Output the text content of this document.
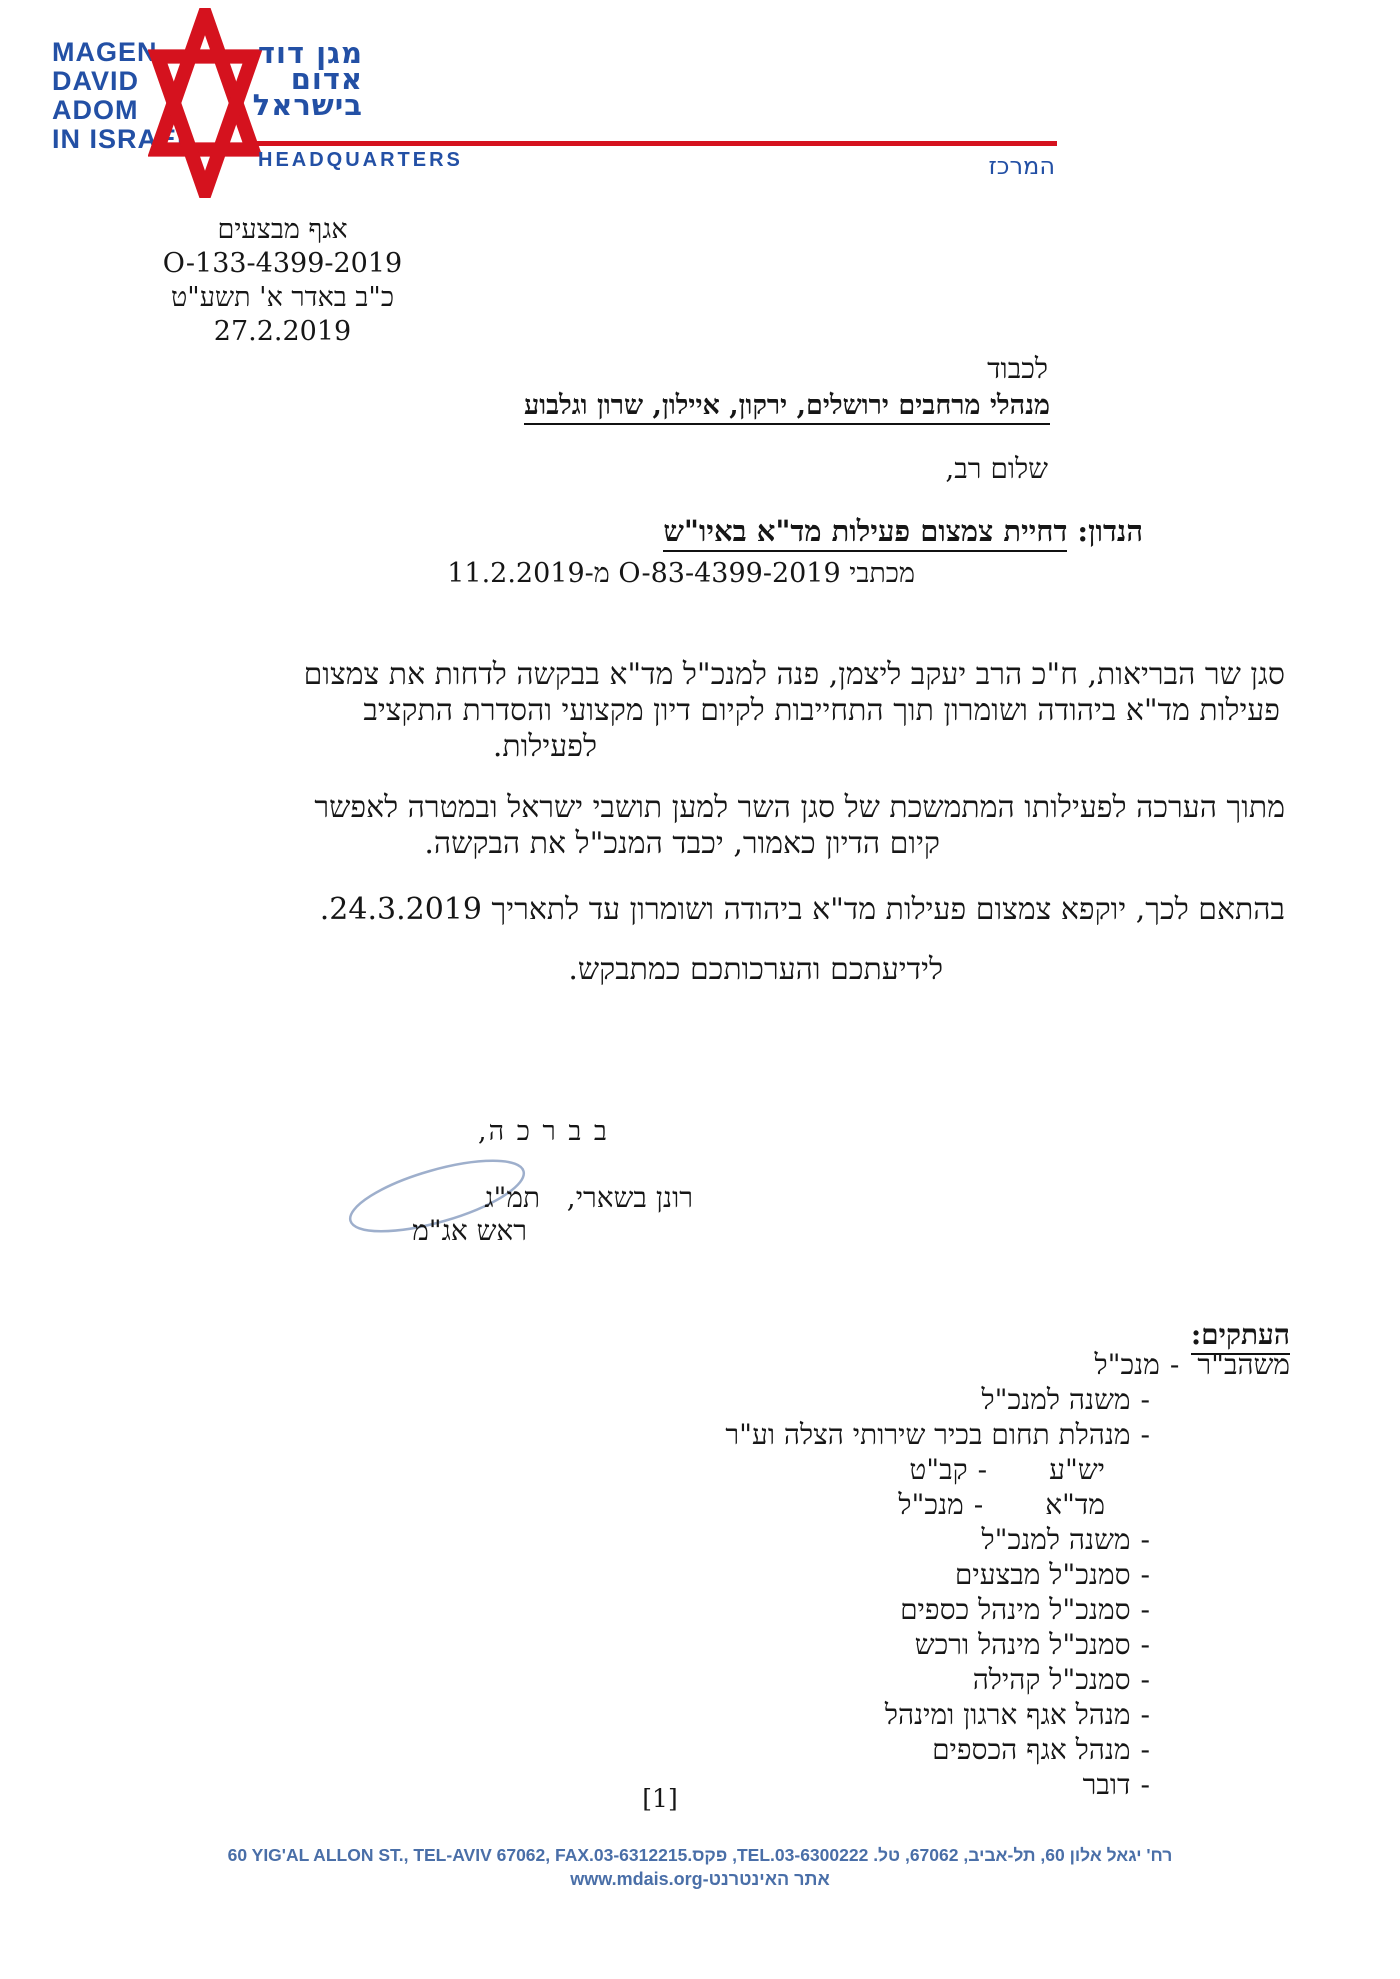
MAGEN
DAVID
ADOM
IN ISRAEL
מגן דוד
אדום
בישראל
HEADQUARTERS	המרכז
אגף מבצעים
O-133-4399-2019
כ"ב באדר א' תשע"ט
27.2.2019
לכבוד
מנהלי מרחבים ירושלים, ירקון, איילון, שרון וגלבוע
שלום רב,
הנדון:דחיית צמצום פעילות מד"א באיו"ש
מכתבי O-83-4399-2019 מ-11.2.2019
סגן שר הבריאות, ח"כ הרב יעקב ליצמן, פנה למנכ"ל מד"א בבקשה לדחות את צמצום
פעילות מד"א ביהודה ושומרון תוך התחייבות לקיום דיון מקצועי והסדרת התקציב
לפעילות.
מתוך הערכה לפעילותו המתמשכת של סגן השר למען תושבי ישראל ובמטרה לאפשר
קיום הדיון כאמור, יכבד המנכ"ל את הבקשה.
בהתאם לכך, יוקפא צמצום פעילות מד"א ביהודה ושומרון עד לתאריך 24.3.2019.
לידיעתכם והערכותכם כמתבקש.
ב ב ר כ ה,
רונן בשארי,   תמ"ג
ראש אג"מ
העתקים:
משהב"ר-מנכ"ל
-משנה למנכ"ל
-מנהלת תחום בכיר שירותי הצלה וע"ר
יש"ע-קב"ט
מד"א-מנכ"ל
-משנה למנכ"ל
-סמנכ"ל מבצעים
-סמנכ"ל מינהל כספים
-סמנכ"ל מינהל ורכש
-סמנכ"ל קהילה
-מנהל אגף ארגון ומינהל
-מנהל אגף הכספים
-דובר
[1]
60 YIG'AL ALLON ST., TEL-AVIV 67062, FAX.03-6312215. רח' יגאל אלון 60, תל-אביב, 67062, טל. TEL.03-6300222, פקס
אתר האינטרנט-www.mdais.org
